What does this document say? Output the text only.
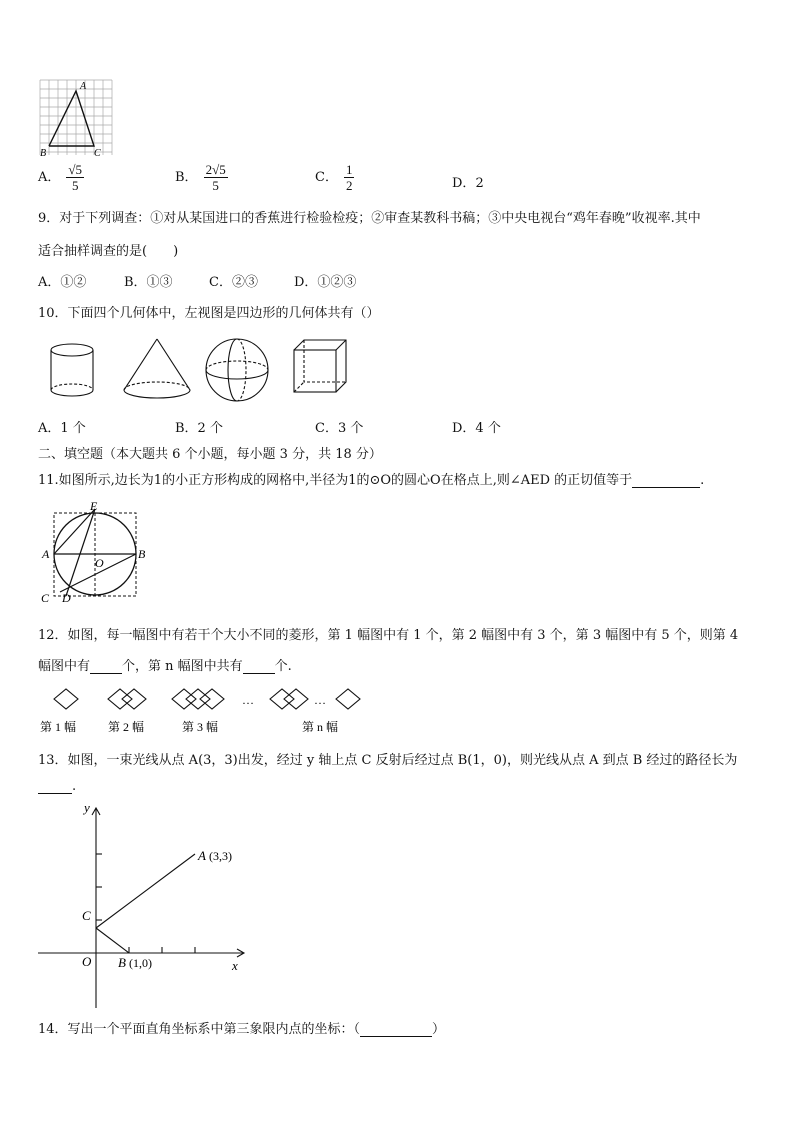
A
B	C
A． $\frac{√5}{5}$	B． $\frac{2√5}{5}$	C． $\frac{1}{2}$	D．2
9．对于下列调查：①对从某国进口的香蕉进行检验检疫；②审查某教科书稿；③中央电视台“鸡年春晚”收视率.其中
适合抽样调查的是(　　)
A．①②	B．①③	C．②③	D．①②③
10．下面四个几何体中，左视图是四边形的几何体共有（）
A．1 个	B．2 个	C．3 个	D．4 个
二、填空题（本大题共 6 个小题，每小题 3 分，共 18 分）
11.如图所示,边长为1的小正方形构成的网格中,半径为1的⊙O的圆心O在格点上,则∠AED 的正切值等于	.
E
A	B
O
C D
12．如图，每一幅图中有若干个大小不同的菱形，第 1 幅图中有 1 个，第 2 幅图中有 3 个，第 3 幅图中有 5 个，则第 4
幅图中有 个，第 n 幅图中共有 个.
…	…
第 1 幅	第 2 幅	第 3 幅	第 n 幅
13．如图，一束光线从点 A(3，3)出发，经过 y 轴上点 C 反射后经过点 B(1，0)，则光线从点 A 到点 B 经过的路径长为
.
y
x
O
C
A (3,3)
B (1,0)
14．写出一个平面直角坐标系中第三象限内点的坐标：（	）
